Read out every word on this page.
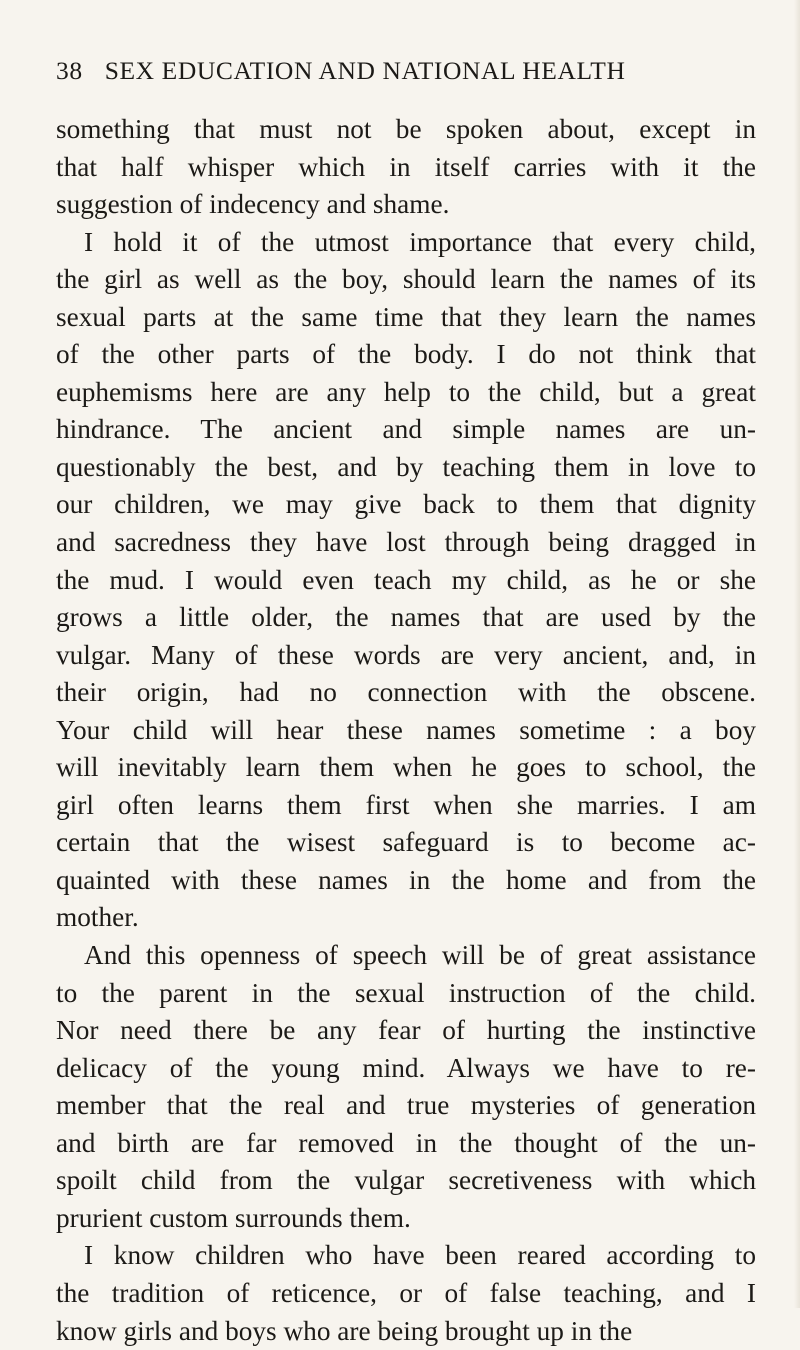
38 SEX EDUCATION AND NATIONAL HEALTH
something that must not be spoken about, except in
that half whisper which in itself carries with it the
suggestion of indecency and shame.
I hold it of the utmost importance that every child,
the girl as well as the boy, should learn the names of its
sexual parts at the same time that they learn the names
of the other parts of the body. I do not think that
euphemisms here are any help to the child, but a great
hindrance. The ancient and simple names are un-
questionably the best, and by teaching them in love to
our children, we may give back to them that dignity
and sacredness they have lost through being dragged in
the mud. I would even teach my child, as he or she
grows a little older, the names that are used by the
vulgar. Many of these words are very ancient, and, in
their origin, had no connection with the obscene.
Your child will hear these names sometime : a boy
will inevitably learn them when he goes to school, the
girl often learns them first when she marries. I am
certain that the wisest safeguard is to become ac-
quainted with these names in the home and from the
mother.
And this openness of speech will be of great assistance
to the parent in the sexual instruction of the child.
Nor need there be any fear of hurting the instinctive
delicacy of the young mind. Always we have to re-
member that the real and true mysteries of generation
and birth are far removed in the thought of the un-
spoilt child from the vulgar secretiveness with which
prurient custom surrounds them.
I know children who have been reared according to
the tradition of reticence, or of false teaching, and I
know girls and boys who are being brought up in the
